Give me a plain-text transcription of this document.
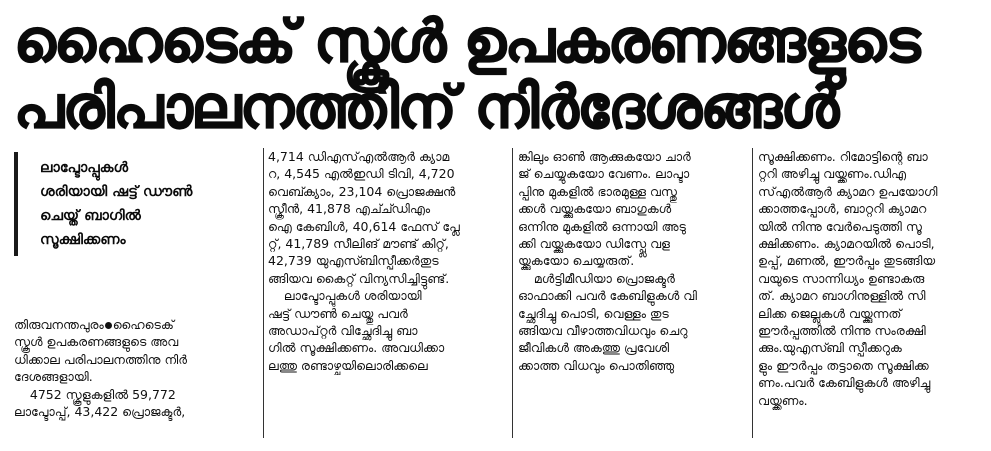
ഹൈടെക് സ്കൂൾ ഉപകരണങ്ങളുടെ
പരിപാലനത്തിന് നിർദേശങ്ങൾ
ലാപ്ടോപ്പുകൾ
ശരിയായി ഷട്ട് ഡൗൺ
ചെയ്ത് ബാഗിൽ
സൂക്ഷിക്കണം

തിരുവനന്തപുരം ഹൈടെക്

സ്കൂൾ ഉപകരണങ്ങളുടെ അവ

ധിക്കാല പരിപാലനത്തിനു നിർ

ദേശങ്ങളായി.

4752 സ്കൂളുകളിൽ 59,772

ലാപ്ടോപ്പ്, 43,422 പ്രൊജക്ടർ,

4,714 ഡിഎസ്എൽആർ ക്യാമ

റ, 4,545 എൽഇഡി ടിവി, 4,720

വെബ്ക്യാം, 23,104 പ്രൊജക്ഷൻ

സ്ക്രീൻ, 41,878 എച്ച്ഡിഎം

ഐ കേബിൾ, 40,614 ഫേസ് പ്ലേ

റ്റ്, 41,789 സീലിങ് മൗണ്ട് കിറ്റ്,

42,739 യുഎസ്ബിസ്പീക്കർതുട

ങ്ങിയവ കൈറ്റ് വിന്യസിച്ചിട്ടുണ്ട്.

ലാപ്ടോപ്പുകൾ ശരിയായി

ഷട്ട് ഡൗൺ ചെയ്തു പവർ

അഡാപ്റ്റർ വിച്ഛേദിച്ചു ബാ

ഗിൽ സൂക്ഷിക്കണം. അവധിക്കാ

ലത്തു രണ്ടാഴ്ചയിലൊരിക്കലെ

ങ്കിലും ഓൺ ആക്കുകയോ ചാർ

ജ് ചെയ്യുകയോ വേണം. ലാപ്ടാ

പ്പിനു മുകളിൽ ഭാരമുള്ള വസ്തു

ക്കൾ വയ്ക്കുകയോ ബാഗുകൾ

ഒന്നിനു മുകളിൽ ഒന്നായി അടു

ക്കി വയ്ക്കുകയോ ഡിസ്പ്ലേ വള

യ്ക്കുകയോ ചെയ്യരുത്.

മൾട്ടിമീഡിയാ പ്രൊജക്ടർ

ഓഫാക്കി പവർ കേബിളുകൾ വി

ച്ഛേദിച്ചു പൊടി, വെള്ളം തുട

ങ്ങിയവ വീഴാത്തവിധവും ചെറു

ജീവികൾ അകത്തു പ്രവേശി

ക്കാത്ത വിധവും പൊതിഞ്ഞു

സൂക്ഷിക്കണം. റിമോട്ടിന്റെ ബാ

റ്ററി അഴിച്ചു വയ്ക്കണം.ഡിഎ

സ്എൽആർ ക്യാമറ ഉപയോഗി

ക്കാത്തപ്പോൾ, ബാറ്ററി ക്യാമറ

യിൽ നിന്നു വേർപെടുത്തി സൂ

ക്ഷിക്കണം. ക്യാമറയിൽ പൊടി,

ഉപ്പ്, മണൽ, ഈർപ്പം തുടങ്ങിയ

വയുടെ സാന്നിധ്യം ഉണ്ടാകരു

ത്. ക്യാമറ ബാഗിനുള്ളിൽ സി

ലിക്ക ജെല്ലുകൾ വയ്ക്കുന്നത്

ഈർപ്പത്തിൽ നിന്നു സംരക്ഷി

ക്കും.യുഎസ്ബി സ്പീക്കറുക

ളും ഈർപ്പം തട്ടാതെ സൂക്ഷിക്ക

ണം.പവർ കേബിളുകൾ അഴിച്ചു

വയ്ക്കണം.
